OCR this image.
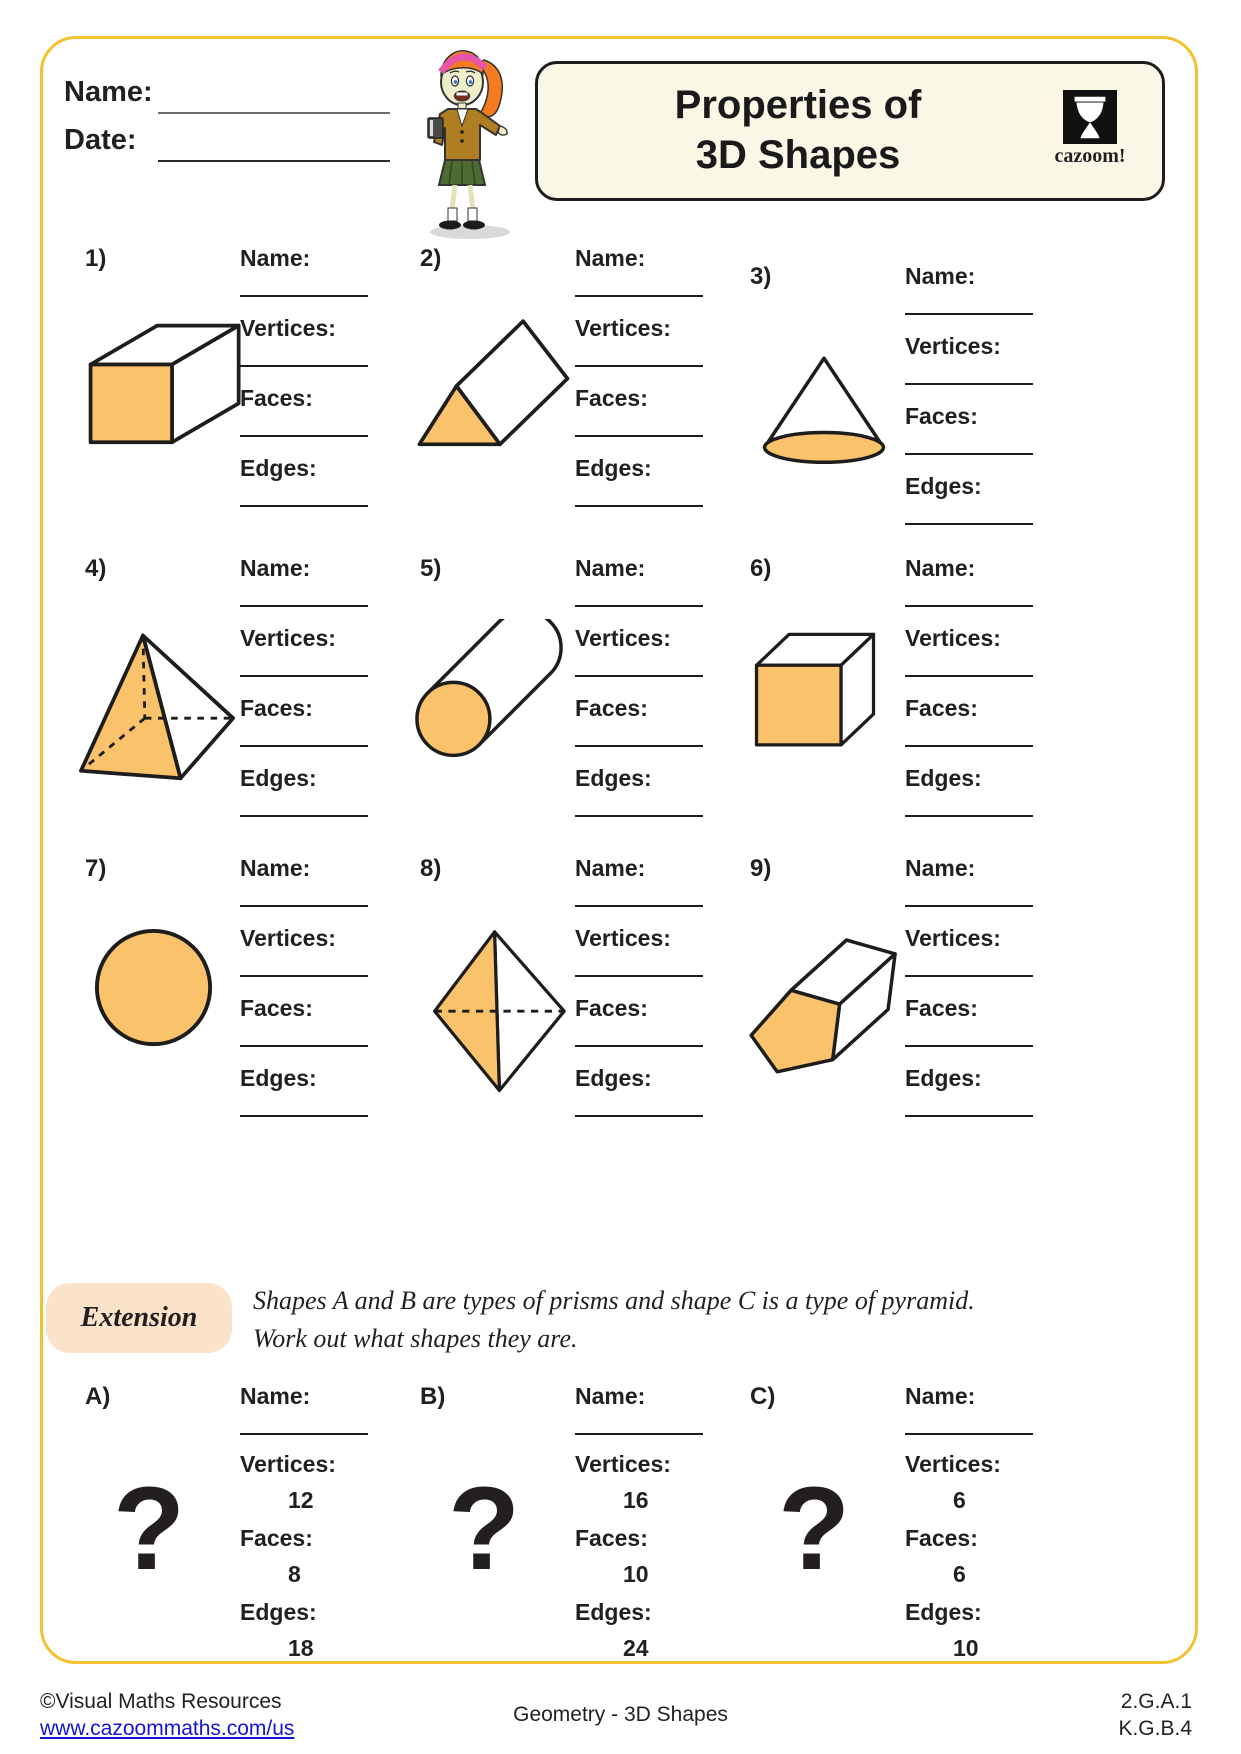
Name:
Date:
Properties of
3D Shapes	cazoom!
1)	Name:
Vertices:
Faces:
Edges:
2)	Name:
Vertices:
Faces:
Edges:
3)	Name:
Vertices:
Faces:
Edges:
4)	Name:
Vertices:
Faces:
Edges:
5)	Name:
Vertices:
Faces:
Edges:
6)	Name:
Vertices:
Faces:
Edges:
7)	Name:
Vertices:
Faces:
Edges:
8)	Name:
Vertices:
Faces:
Edges:
9)	Name:
Vertices:
Faces:
Edges:
Extension
Shapes A and B are types of prisms and shape C is a type of pyramid.
Work out what shapes they are.
A)
?
Name:
Vertices:
12
Faces:
8
Edges:
18
B)
?
Name:
Vertices:
16
Faces:
10
Edges:
24
C)
?
Name:
Vertices:
6
Faces:
6
Edges:
10
©Visual Maths Resources
www.cazoommaths.com/us
Geometry - 3D Shapes
2.G.A.1
K.G.B.4
